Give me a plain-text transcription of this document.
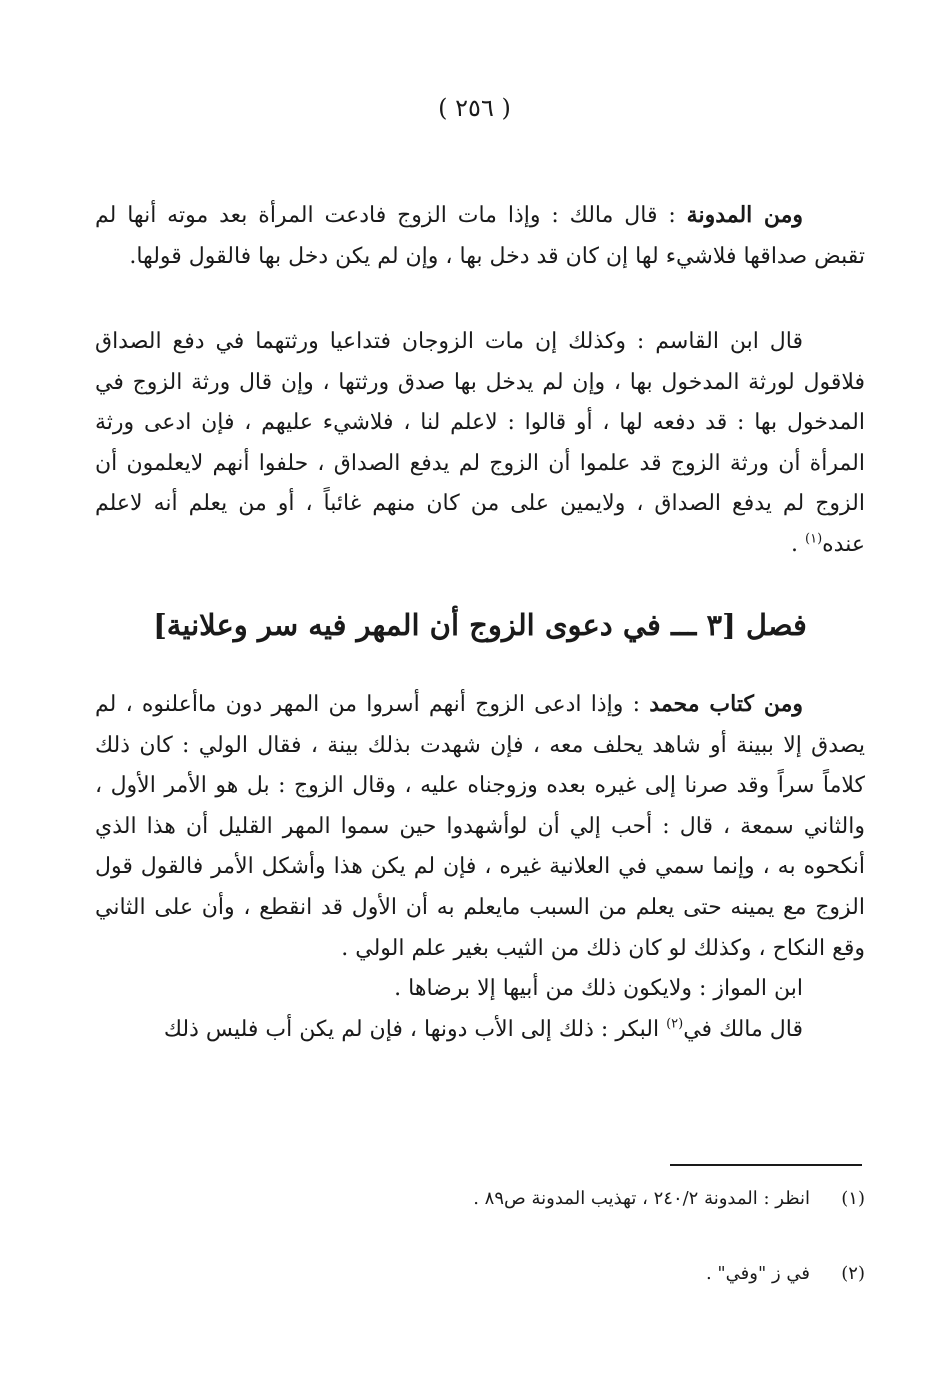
( ٢٥٦ )

ومن المدونة : قال مالك : وإذا مات الزوج فادعت المرأة بعد موته أنها لم تقبض صداقها فلاشيء لها إن كان قد دخل بها ، وإن لم يكن دخل بها فالقول قولها.

قال ابن القاسم : وكذلك إن مات الزوجان فتداعيا ورثتهما في دفع الصداق فلاقول لورثة المدخول بها ، وإن لم يدخل بها صدق ورثتها ، وإن قال ورثة الزوج في المدخول بها : قد دفعه لها ، أو قالوا : لاعلم لنا ، فلاشيء عليهم ، فإن ادعى ورثة المرأة أن ورثة الزوج قد علموا أن الزوج لم يدفع الصداق ، حلفوا أنهم لايعلمون أن الزوج لم يدفع الصداق ، ولايمين على من كان منهم غائباً ، أو من يعلم أنه لاعلم عنده$^{(١)}$ .

فصل [٣ ـــ في دعوى الزوج أن المهر فيه سر وعلانية]

ومن كتاب محمد : وإذا ادعى الزوج أنهم أسروا من المهر دون ماأعلنوه ، لم يصدق إلا ببينة أو شاهد يحلف معه ، فإن شهدت بذلك بينة ، فقال الولي : كان ذلك كلاماً سراً وقد صرنا إلى غيره بعده وزوجناه عليه ، وقال الزوج : بل هو الأمر الأول ، والثاني سمعة ، قال : أحب إلي أن لوأشهدوا حين سموا المهر القليل أن هذا الذي أنكحوه به ، وإنما سمي في العلانية غيره ، فإن لم يكن هذا وأشكل الأمر فالقول قول الزوج مع يمينه حتى يعلم من السبب مايعلم به أن الأول قد انقطع ، وأن على الثاني وقع النكاح ، وكذلك لو كان ذلك من الثيب بغير علم الولي .

ابن المواز : ولايكون ذلك من أبيها إلا برضاها .

قال مالك في$^{(٢)}$ البكر : ذلك إلى الأب دونها ، فإن لم يكن أب فليس ذلك

(١)انظر : المدونة ٢٤٠/٢ ، تهذيب المدونة ص٨٩ .
(٢)في ز "وفي" .
